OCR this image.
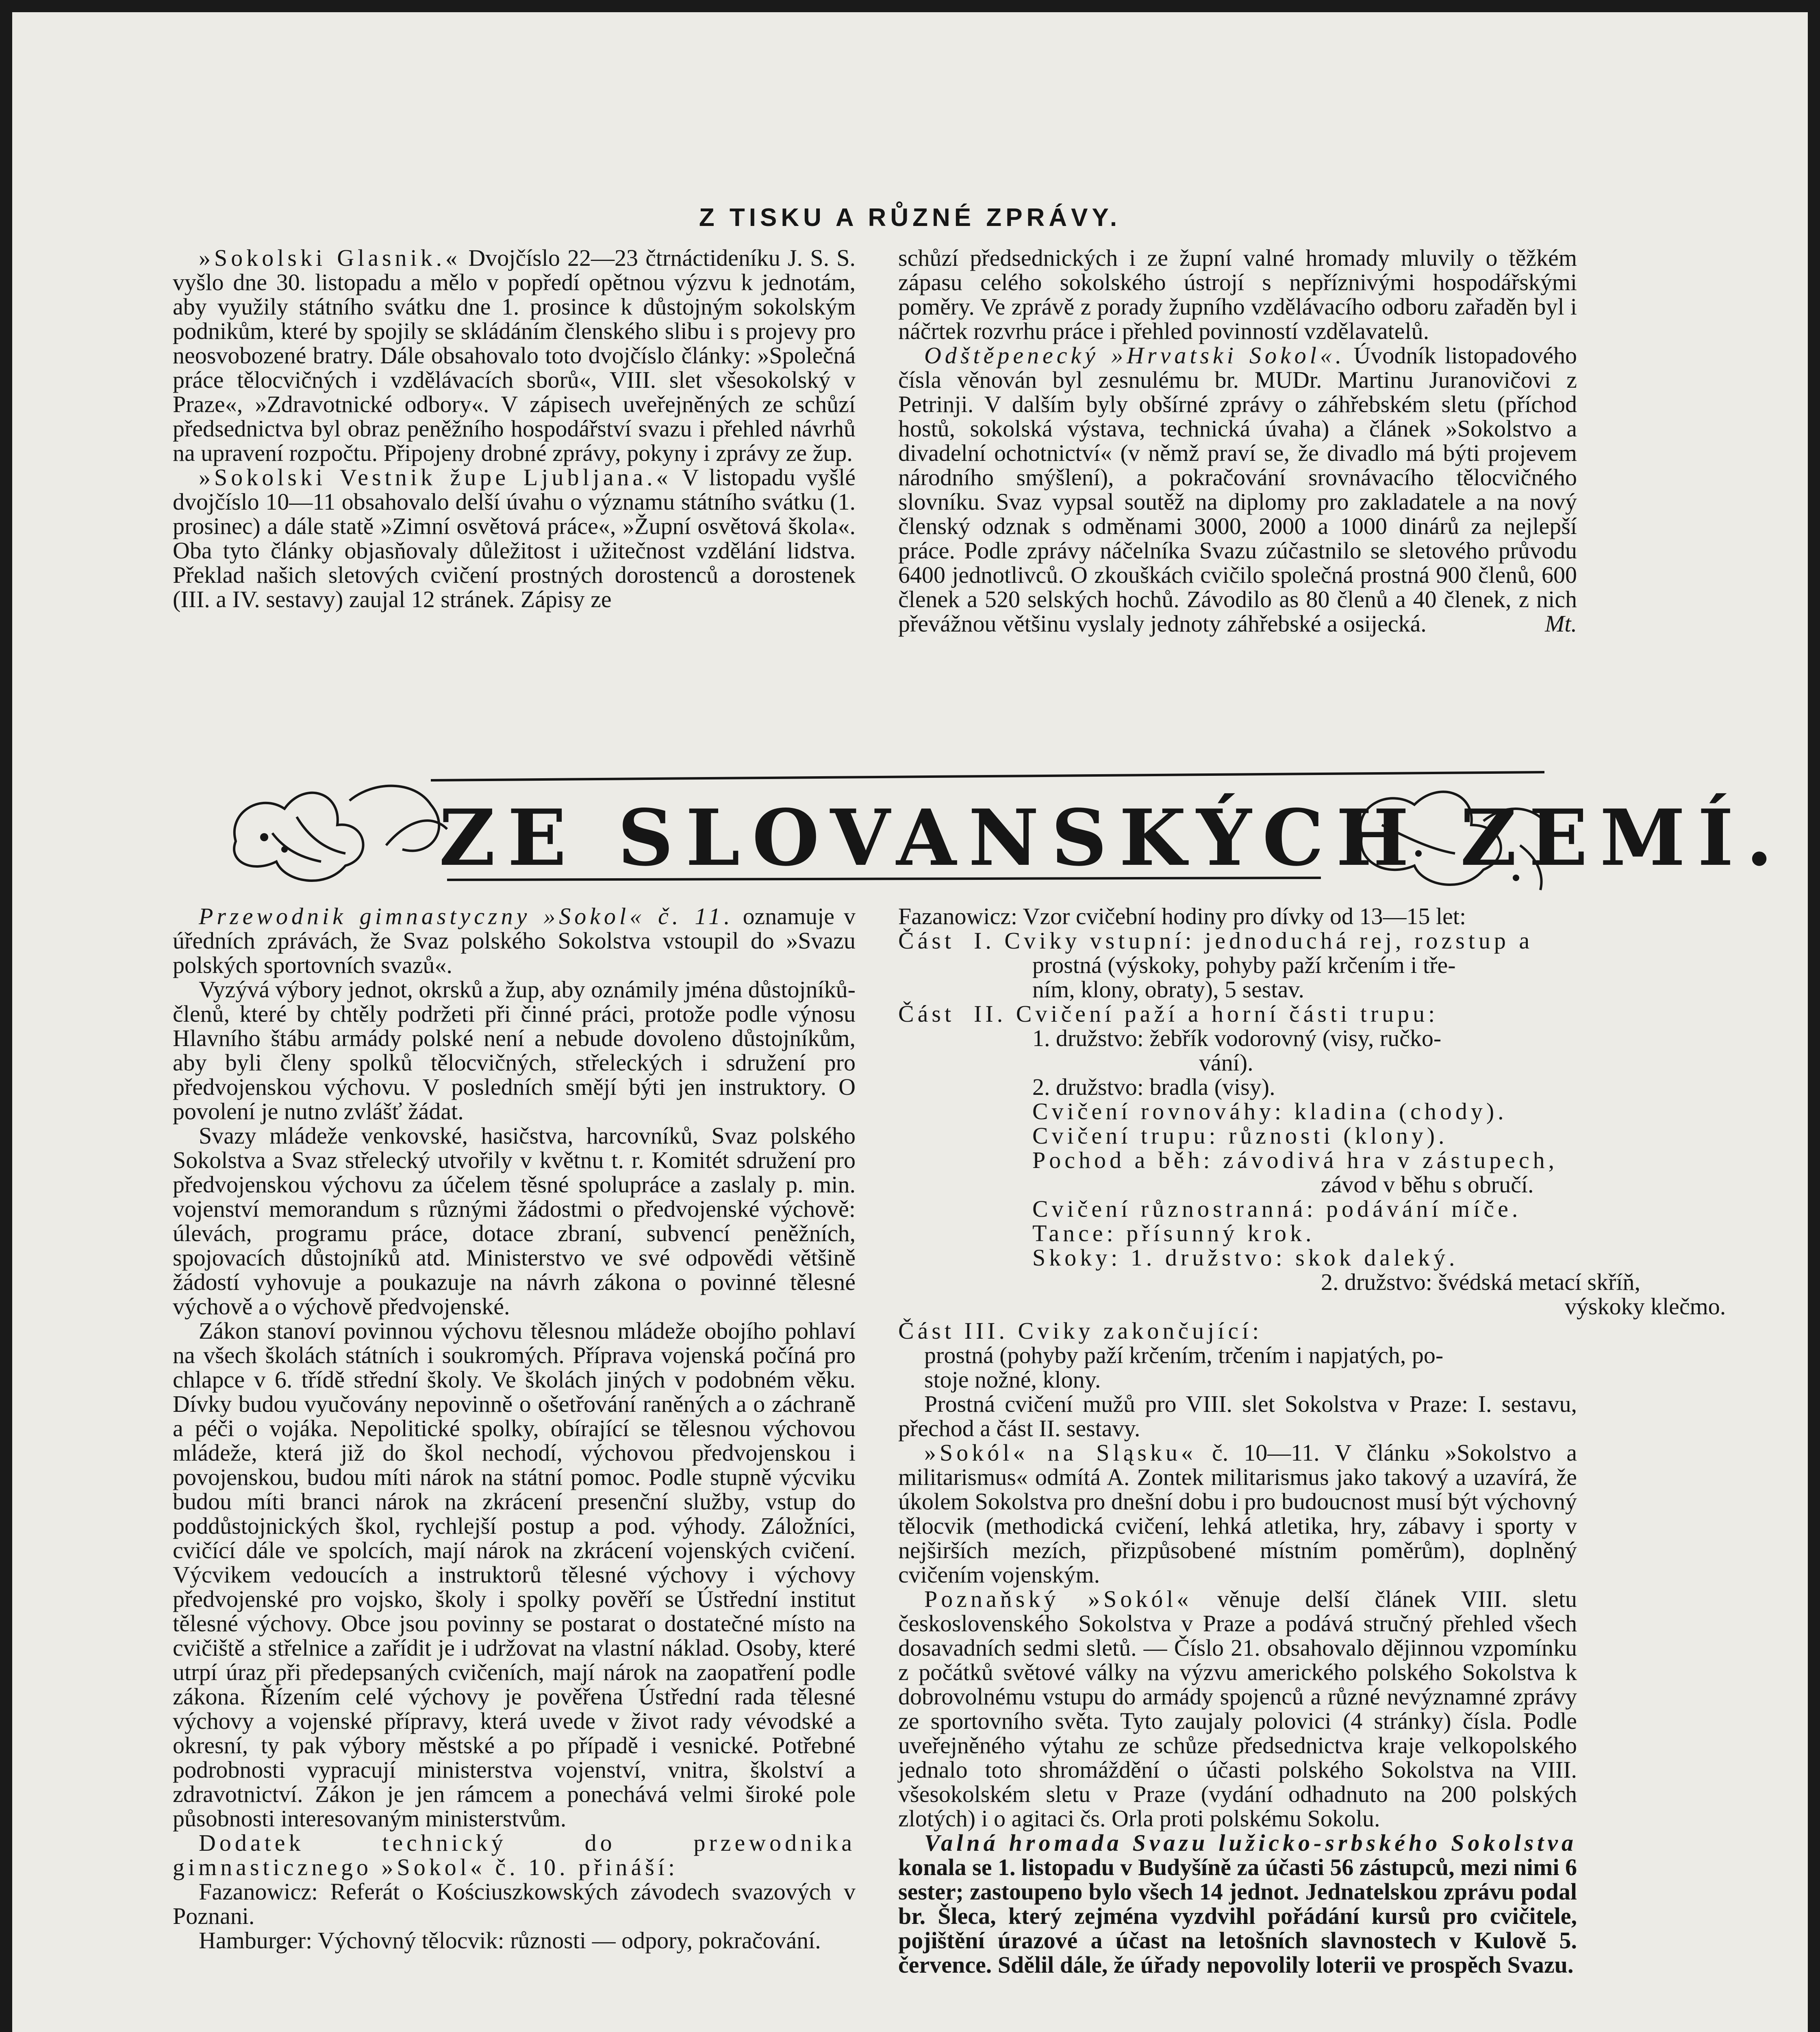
Z TISKU A RŮZNÉ ZPRÁVY.

»Sokolski Glasnik.« Dvojčíslo 22—23 čtrnáctideníku J. S. S. vyšlo dne 30. listopadu a mělo v popředí opětnou výzvu k jednotám, aby využily státního svátku dne 1. prosince k důstojným sokolským podnikům, které by spojily se skládáním členského slibu i s projevy pro neosvobozené bratry. Dále obsahovalo toto dvojčíslo články: »Společná práce tělocvičných i vzdělávacích sborů«, VIII. slet všesokolský v Praze«, »Zdravotnické odbory«. V zápisech uveřejněných ze schůzí předsednictva byl obraz peněžního hospodářství svazu i přehled návrhů na upravení rozpočtu. Připojeny drobné zprávy, pokyny i zprávy ze žup.

»Sokolski Vestnik župe Ljubljana.« V listopadu vyšlé dvojčíslo 10—11 obsahovalo delší úvahu o významu státního svátku (1. prosinec) a dále statě »Zimní osvětová práce«, »Župní osvětová škola«. Oba tyto články objasňovaly důležitost i užitečnost vzdělání lidstva. Překlad našich sletových cvičení prostných dorostenců a dorostenek (III. a IV. sestavy) zaujal 12 stránek. Zápisy ze

schůzí předsednických i ze župní valné hromady mluvily o těžkém zápasu celého sokolského ústrojí s nepříznivými hospodářskými poměry. Ve zprávě z porady župního vzdělávacího odboru zařaděn byl i náčrtek rozvrhu práce i přehled povinností vzdělavatelů.

Odštěpenecký »Hrvatski Sokol«. Úvodník listopadového čísla věnován byl zesnulému br. MUDr. Martinu Juranovičovi z Petrinji. V dalším byly obšírné zprávy o záhřebském sletu (příchod hostů, sokolská výstava, technická úvaha) a článek »Sokolstvo a divadelní ochotnictví« (v němž praví se, že divadlo má býti projevem národního smýšlení), a pokračování srovnávacího tělocvičného slovníku. Svaz vypsal soutěž na diplomy pro zakladatele a na nový členský odznak s odměnami 3000, 2000 a 1000 dinárů za nejlepší práce. Podle zprávy náčelníka Svazu zúčastnilo se sletového průvodu 6400 jednotlivců. O zkouškách cvičilo společná prostná 900 členů, 600 členek a 520 selských hochů. Závodilo as 80 členů a 40 členek, z nich převážnou většinu vyslaly jednoty záhřebské a osijecká.	Mt.

ZE SLOVANSKÝCH ZEMÍ.

Przewodnik gimnastyczny »Sokol« č. 11. oznamuje v úředních zprávách, že Svaz polského Sokolstva vstoupil do »Svazu polských sportovních svazů«.

Vyzývá výbory jednot, okrsků a žup, aby oznámily jména důstojníků-členů, které by chtěly podržeti při činné práci, protože podle výnosu Hlavního štábu armády polské není a nebude dovoleno důstojníkům, aby byli členy spolků tělocvičných, střeleckých i sdružení pro předvojenskou výchovu. V posledních smějí býti jen instruktory. O povolení je nutno zvlášť žádat.

Svazy mládeže venkovské, hasičstva, harcovníků, Svaz polského Sokolstva a Svaz střelecký utvořily v květnu t. r. Komitét sdružení pro předvojenskou výchovu za účelem těsné spolupráce a zaslaly p. min. vojenství memorandum s různými žádostmi o předvojenské výchově: úlevách, programu práce, dotace zbraní, subvencí peněžních, spojovacích důstojníků atd. Ministerstvo ve své odpovědi většině žádostí vyhovuje a poukazuje na návrh zákona o povinné tělesné výchově a o výchově předvojenské.

Zákon stanoví povinnou výchovu tělesnou mládeže obojího pohlaví na všech školách státních i soukromých. Příprava vojenská počíná pro chlapce v 6. třídě střední školy. Ve školách jiných v podobném věku. Dívky budou vyučovány nepovinně o ošetřování raněných a o záchraně a péči o vojáka. Nepolitické spolky, obírající se tělesnou výchovou mládeže, která již do škol nechodí, výchovou předvojenskou i povojenskou, budou míti nárok na státní pomoc. Podle stupně výcviku budou míti branci nárok na zkrácení presenční služby, vstup do poddůstojnických škol, rychlejší postup a pod. výhody. Záložníci, cvičící dále ve spolcích, mají nárok na zkrácení vojenských cvičení. Výcvikem vedoucích a instruktorů tělesné výchovy i výchovy předvojenské pro vojsko, školy i spolky pověří se Ústřední institut tělesné výchovy. Obce jsou povinny se postarat o dostatečné místo na cvičiště a střelnice a zařídit je i udržovat na vlastní náklad. Osoby, které utrpí úraz při předepsaných cvičeních, mají nárok na zaopatření podle zákona. Řízením celé výchovy je pověřena Ústřední rada tělesné výchovy a vojenské přípravy, která uvede v život rady vévodské a okresní, ty pak výbory městské a po případě i vesnické. Potřebné podrobnosti vypracují ministerstva vojenství, vnitra, školství a zdravotnictví. Zákon je jen rámcem a ponechává velmi široké pole působnosti interesovaným ministerstvům.

Dodatek technický do przewodnika gimnasticznego »Sokol« č. 10. přináší:

Fazanowicz: Referát o Kościuszkowských závodech svazových v Poznani.

Hamburger: Výchovný tělocvik: různosti — odpory, pokračování.

Fazanowicz: Vzor cvičební hodiny pro dívky od 13—15 let:
Část  I. Cviky vstupní: jednoduchá rej, rozstup a
prostná (výskoky, pohyby paží krčením i tře-
ním, klony, obraty), 5 sestav.
Část  II. Cvičení paží a horní části trupu:
1. družstvo: žebřík vodorovný (visy, ručko-
vání).
2. družstvo: bradla (visy).
Cvičení rovnováhy: kladina (chody).
Cvičení trupu: různosti (klony).
Pochod a běh: závodivá hra v zástupech,
závod v běhu s obručí.
Cvičení různostranná: podávání míče.
Tance: přísunný krok.
Skoky: 1. družstvo: skok daleký.
2. družstvo: švédská metací skříň,
výskoky klečmo.
Část III. Cviky zakončující:
prostná (pohyby paží krčením, trčením i napjatých, po-
stoje nožné, klony.

Prostná cvičení mužů pro VIII. slet Sokolstva v Praze: I. sestavu, přechod a část II. sestavy.

»Sokól« na Sląsku« č. 10—11. V článku »Sokolstvo a militarismus« odmítá A. Zontek militarismus jako takový a uzavírá, že úkolem Sokolstva pro dnešní dobu i pro budoucnost musí být výchovný tělocvik (methodická cvičení, lehká atletika, hry, zábavy i sporty v nejširších mezích, přizpůsobené místním poměrům), doplněný cvičením vojenským.

Poznaňský »Sokól« věnuje delší článek VIII. sletu československého Sokolstva v Praze a podává stručný přehled všech dosavadních sedmi sletů. — Číslo 21. obsahovalo dějinnou vzpomínku z počátků světové války na výzvu amerického polského Sokolstva k dobrovolnému vstupu do armády spojenců a různé nevýznamné zprávy ze sportovního světa. Tyto zaujaly polovici (4 stránky) čísla. Podle uveřejněného výtahu ze schůze předsednictva kraje velkopolského jednalo toto shromáždění o účasti polského Sokolstva na VIII. všesokolském sletu v Praze (vydání odhadnuto na 200 polských zlotých) i o agitaci čs. Orla proti polskému Sokolu.

Valná hromada Svazu lužicko-srbského Sokolstva konala se 1. listopadu v Budyšíně za účasti 56 zástupců, mezi nimi 6 sester; zastoupeno bylo všech 14 jednot. Jednatelskou zprávu podal br. Šleca, který zejména vyzdvihl pořádání kursů pro cvičitele, pojištění úrazové a účast na letošních slavnostech v Kulově 5. července. Sdělil dále, že úřady nepovolily loterii ve prospěch Svazu.
